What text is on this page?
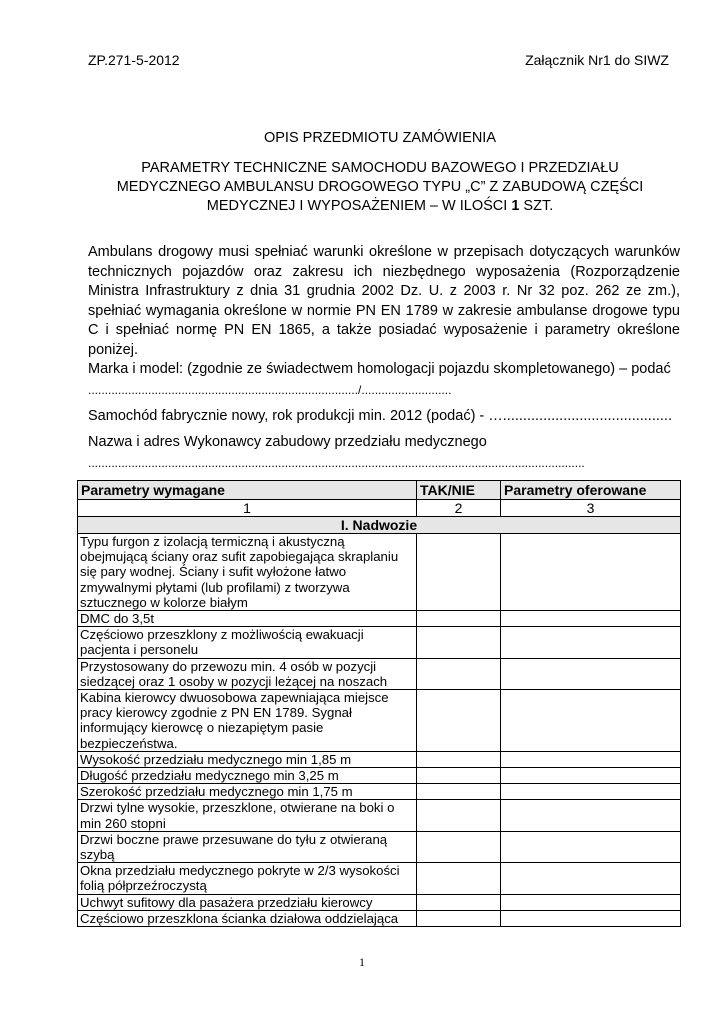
ZP.271-5-2012	Załącznik Nr1 do SIWZ
OPIS PRZEDMIOTU ZAMÓWIENIA
PARAMETRY TECHNICZNE SAMOCHODU BAZOWEGO I PRZEDZIAŁU
MEDYCZNEGO AMBULANSU DROGOWEGO TYPU „C” Z ZABUDOWĄ CZĘŚCI
MEDYCZNEJ I WYPOSAŻENIEM – W ILOŚCI 1 SZT.
Ambulans drogowy musi spełniać warunki określone w przepisach dotyczących warunków technicznych pojazdów oraz zakresu ich niezbędnego wyposażenia (Rozporządzenie Ministra Infrastruktury z dnia 31 grudnia 2002 Dz. U. z 2003 r. Nr 32 poz. 262 ze zm.), spełniać wymagania określone w normie PN EN 1789 w zakresie ambulanse drogowe typu C i spełniać normę PN EN 1865, a także posiadać wyposażenie i parametry określone poniżej.
Marka i model: (zgodnie ze świadectwem homologacji pojazdu skompletowanego) – podać
................................................................................./...........................
Samochód fabrycznie nowy, rok produkcji min. 2012 (podać) - …..........................................
Nazwa i adres Wykonawcy zabudowy przedziału medycznego
.....................................................................................................................................................
Parametry wymagane	TAK/NIE	Parametry oferowane
1	2	3
I. Nadwozie		
Typu furgon z izolacją termiczną i akustyczną obejmującą ściany oraz sufit zapobiegająca skraplaniu się pary wodnej. Ściany i sufit wyłożone łatwo zmywalnymi płytami (lub profilami) z tworzywa sztucznego w kolorze białym		
DMC do 3,5t		
Częściowo przeszklony z możliwością ewakuacji pacjenta i personelu		
Przystosowany do przewozu min. 4 osób w pozycji siedzącej oraz 1 osoby w pozycji leżącej na noszach		
Kabina kierowcy dwuosobowa zapewniająca miejsce pracy kierowcy zgodnie z PN EN 1789. Sygnał informujący kierowcę o niezapiętym pasie bezpieczeństwa.		
Wysokość przedziału medycznego min 1,85 m		
Długość przedziału medycznego min 3,25 m		
Szerokość przedziału medycznego min 1,75 m		
Drzwi tylne wysokie, przeszklone, otwierane na boki o min 260 stopni		
Drzwi boczne prawe przesuwane do tyłu z otwieraną szybą		
Okna przedziału medycznego pokryte w 2/3 wysokości folią półprzeźroczystą		
Uchwyt sufitowy dla pasażera przedziału kierowcy		
Częściowo przeszklona ścianka działowa oddzielająca		
1
